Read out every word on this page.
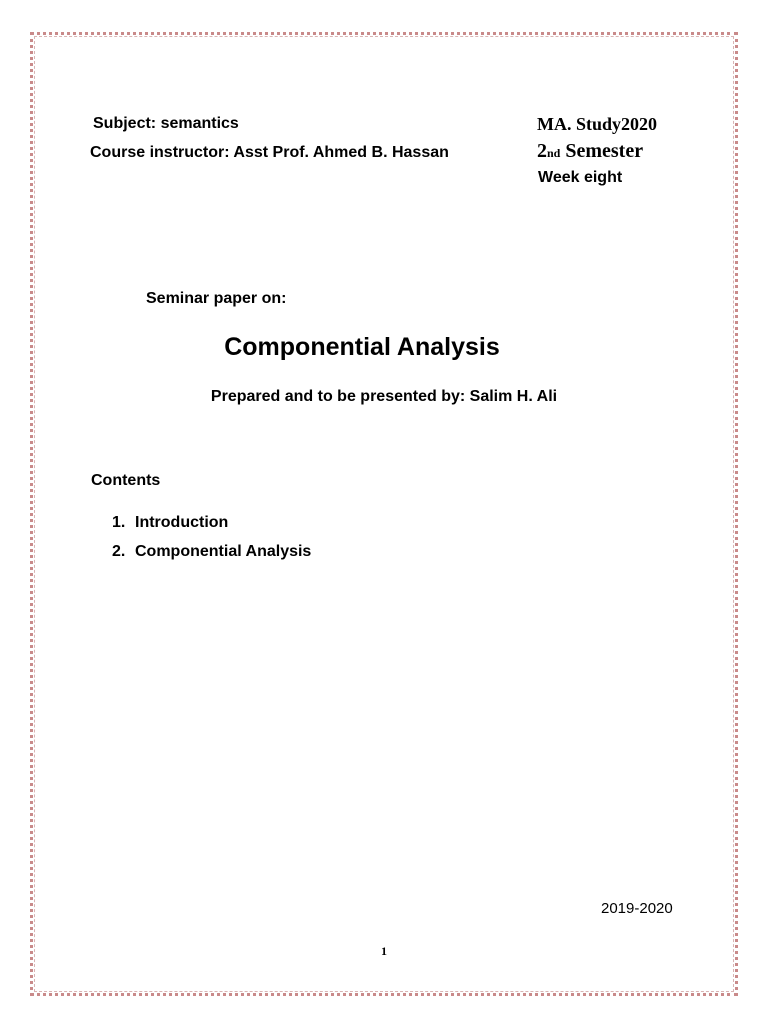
Subject: semantics
Course instructor: Asst Prof. Ahmed B. Hassan
MA. Study2020
2nd Semester
Week eight
Seminar paper on:
Componential Analysis
Prepared and to be presented by: Salim H. Ali
Contents
1. Introduction
2. Componential Analysis
2019-2020
1
